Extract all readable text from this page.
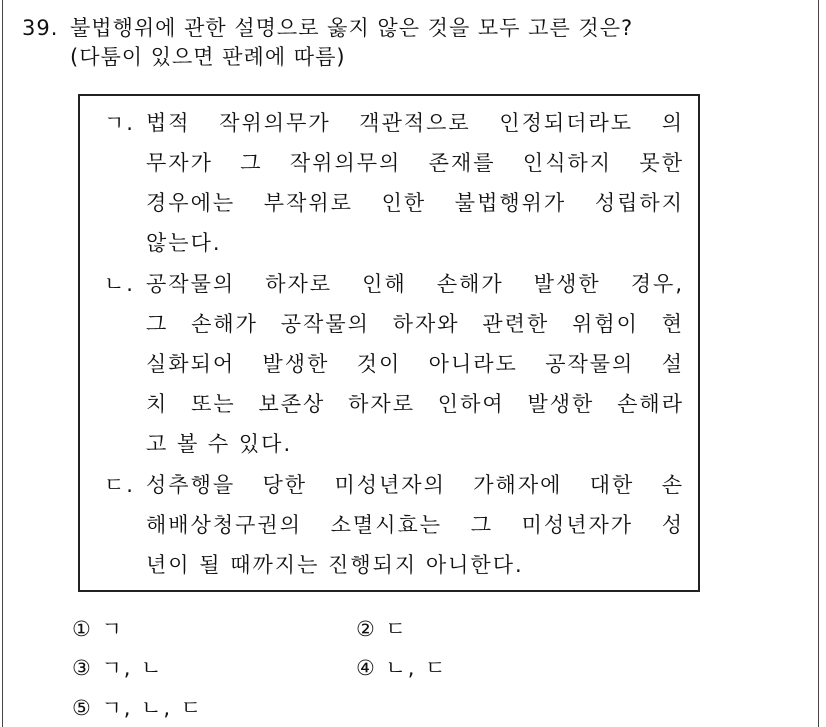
39. 불법행위에 관한 설명으로 옳지 않은 것을 모두 고른 것은?
(다툼이 있으면 판례에 따름)
ㄱ. 법적 작위의무가 객관적으로 인정되더라도 의
무자가 그 작위의무의 존재를 인식하지 못한
경우에는 부작위로 인한 불법행위가 성립하지
않는다.
ㄴ. 공작물의 하자로 인해 손해가 발생한 경우,
그 손해가 공작물의 하자와 관련한 위험이 현
실화되어 발생한 것이 아니라도 공작물의 설
치 또는 보존상 하자로 인하여 발생한 손해라
고 볼 수 있다.
ㄷ. 성추행을 당한 미성년자의 가해자에 대한 손
해배상청구권의 소멸시효는 그 미성년자가 성
년이 될 때까지는 진행되지 아니한다.
① ㄱ	② ㄷ
③ ㄱ, ㄴ	④ ㄴ, ㄷ
⑤ ㄱ, ㄴ, ㄷ
